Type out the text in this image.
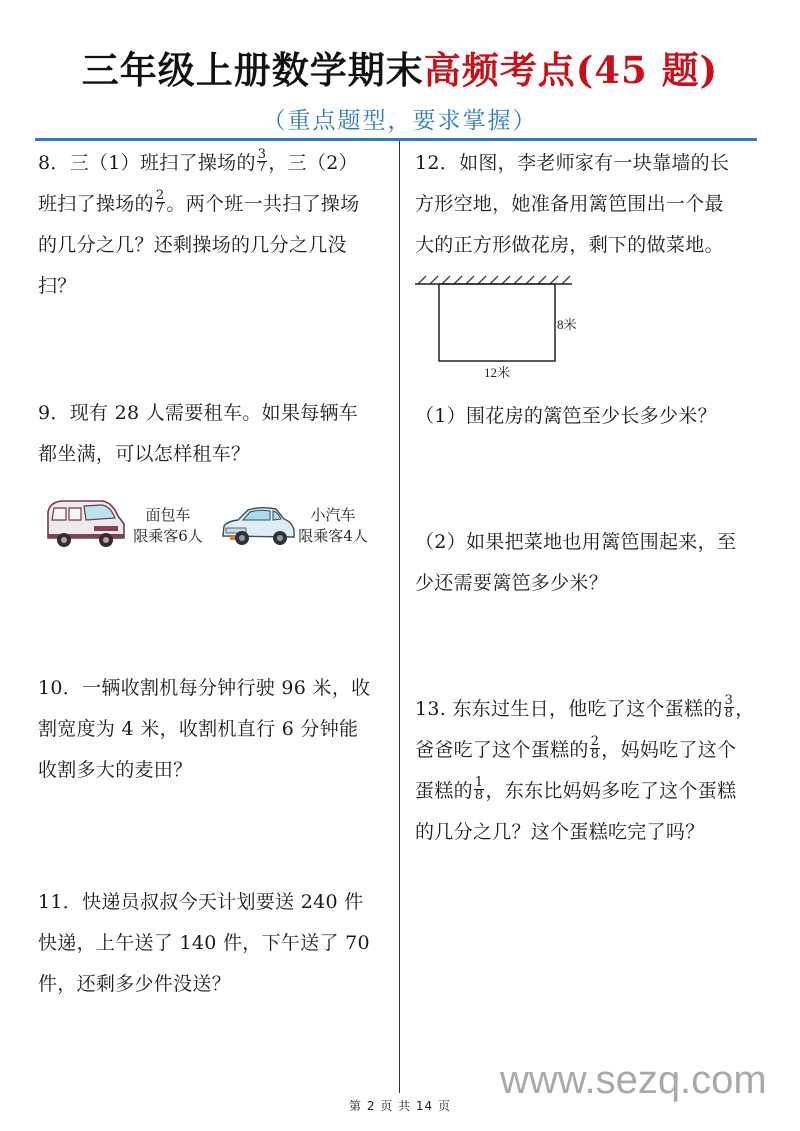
三年级上册数学期末高频考点(45 题)
（重点题型，要求掌握）

8．三（1）班扫了操场的 $\frac{3}{7}$ ，三（2）

班扫了操场的 $\frac{2}{7}$ 。两个班一共扫了操场

的几分之几？还剩操场的几分之几没

扫？

9．现有 28 人需要租车。如果每辆车

都坐满，可以怎样租车？

面包车
限乘客6人
小汽车
限乘客4人

10．一辆收割机每分钟行驶 96 米，收

割宽度为 4 米，收割机直行 6 分钟能

收割多大的麦田？

11．快递员叔叔今天计划要送 240 件

快递，上午送了 140 件，下午送了 70

件，还剩多少件没送？

12．如图，李老师家有一块靠墙的长

方形空地，她准备用篱笆围出一个最

大的正方形做花房，剩下的做菜地。

8米
12米
（1）围花房的篱笆至少长多少米？

（2）如果把菜地也用篱笆围起来，至

少还需要篱笆多少米？

13. 东东过生日，他吃了这个蛋糕的 $\frac{3}{8}$ ，

爸爸吃了这个蛋糕的 $\frac{2}{8}$ ，妈妈吃了这个

蛋糕的 $\frac{1}{8}$ ，东东比妈妈多吃了这个蛋糕

的几分之几？这个蛋糕吃完了吗？

www.sezq.com
第 2 页 共 14 页
